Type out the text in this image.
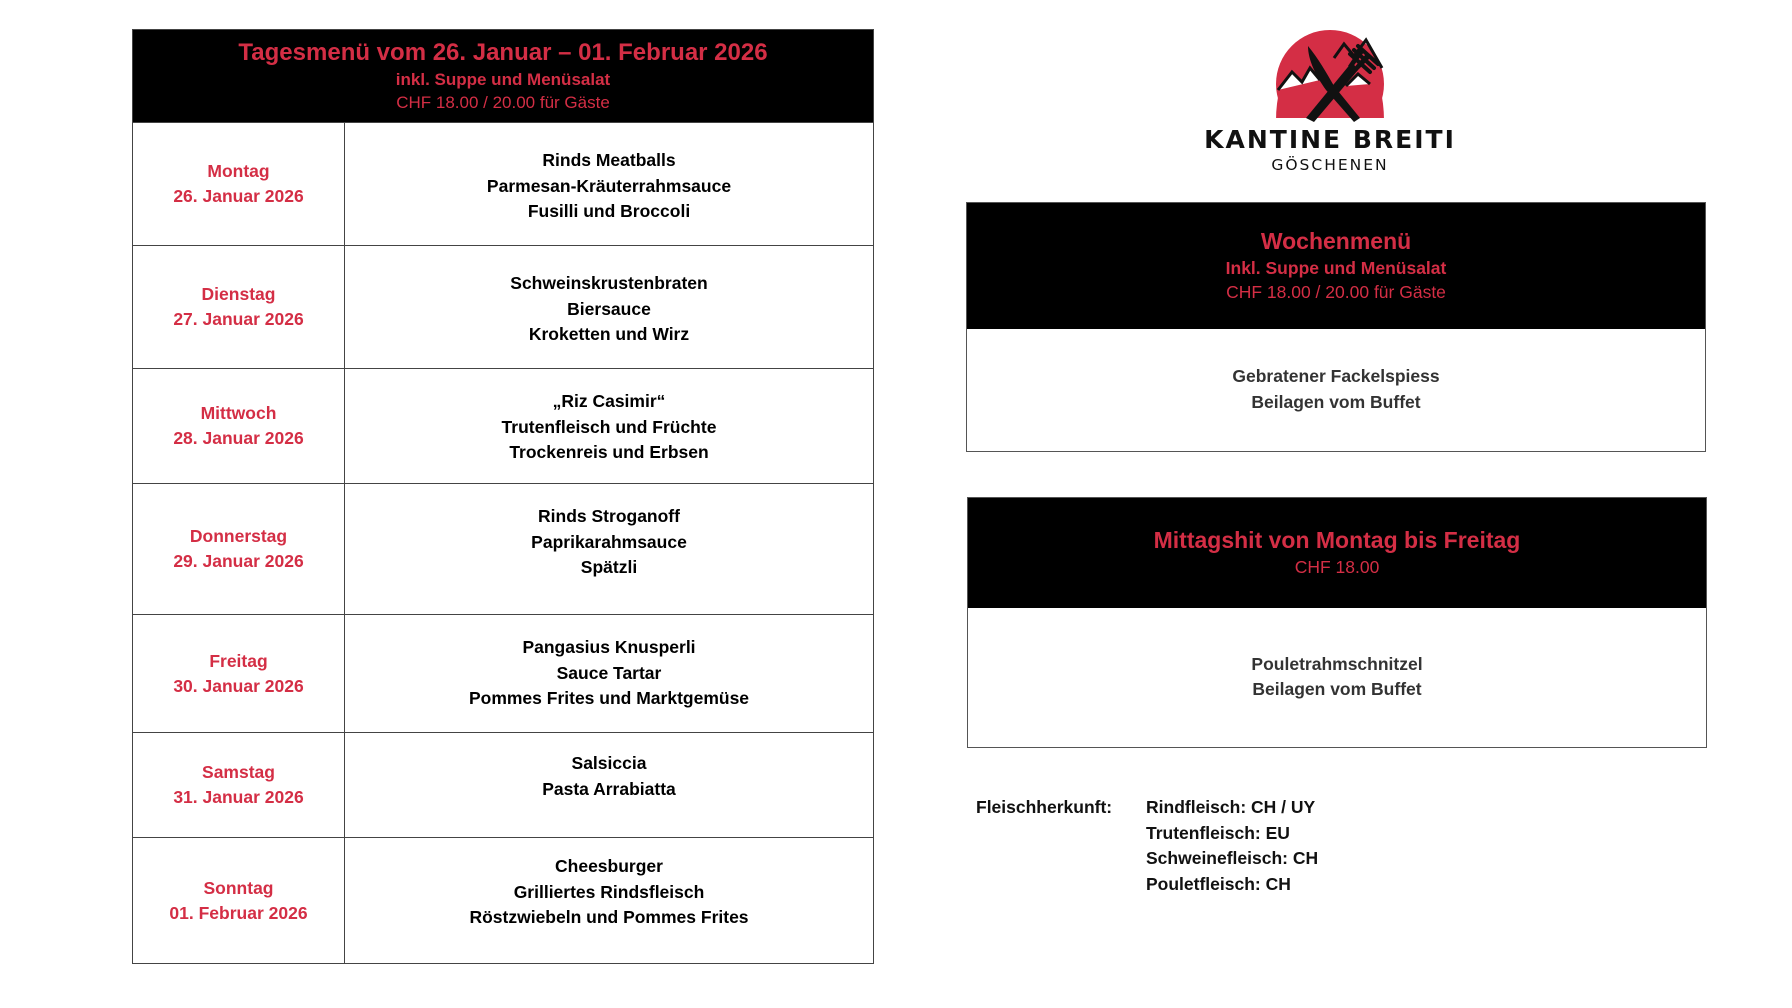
Tagesmenü vom 26. Januar – 01. Februar 2026
inkl. Suppe und Menüsalat
CHF 18.00 / 20.00 für Gäste
Montag
26. Januar 2026
Rinds Meatballs
Parmesan-Kräuterrahmsauce
Fusilli und Broccoli
Dienstag
27. Januar 2026
Schweinskrustenbraten
Biersauce
Kroketten und Wirz
Mittwoch
28. Januar 2026
„Riz Casimir“
Trutenfleisch und Früchte
Trockenreis und Erbsen
Donnerstag
29. Januar 2026
Rinds Stroganoff
Paprikarahmsauce
Spätzli
Freitag
30. Januar 2026
Pangasius Knusperli
Sauce Tartar
Pommes Frites und Marktgemüse
Samstag
31. Januar 2026
Salsiccia
Pasta Arrabiatta
Sonntag
01. Februar 2026
Cheesburger
Grilliertes Rindsfleisch
Röstzwiebeln und Pommes Frites
KANTINE BREITI
GÖSCHENEN
Wochenmenü
Inkl. Suppe und Menüsalat
CHF 18.00 / 20.00 für Gäste
Gebratener Fackelspiess
Beilagen vom Buffet
Mittagshit von Montag bis Freitag
CHF 18.00
Pouletrahmschnitzel
Beilagen vom Buffet
Fleischherkunft:	Rindfleisch: CH / UY
Trutenfleisch: EU
Schweinefleisch: CH
Pouletfleisch: CH
